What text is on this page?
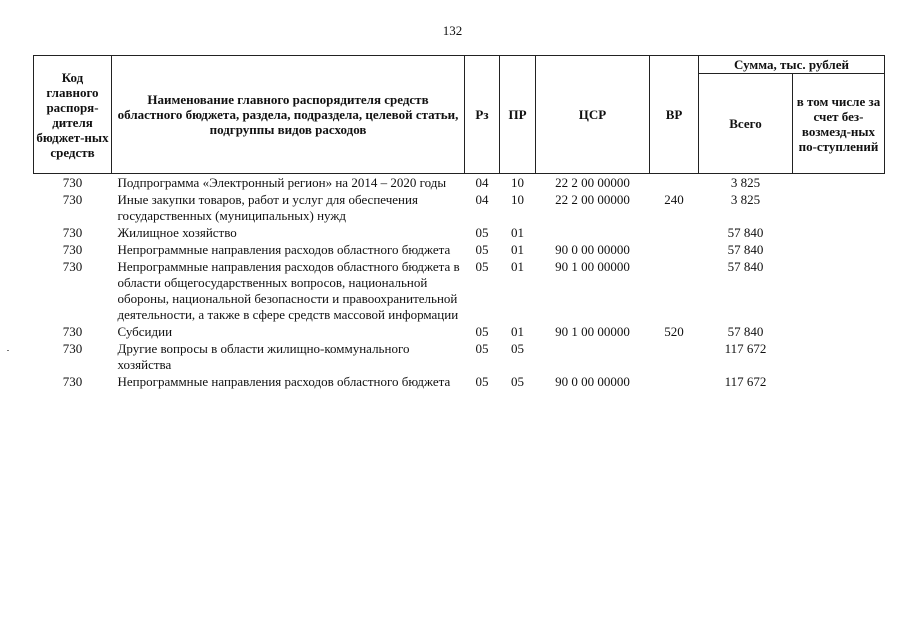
132
Код главного распоря-дителя бюджет-ных средств	Наименование главного распорядителя средств областного бюджета, раздела, подраздела, целевой статьи, подгруппы видов расходов	Рз	ПР	ЦСР	ВР	Сумма, тыс. рублей	
						Всего	в том числе за счет без-возмезд-ных по-ступлений
730	Подпрограмма «Электронный регион» на 2014 – 2020 годы	04	10	22 2 00 00000		3 825	
730	Иные закупки товаров, работ и услуг для обеспечения государственных (муниципальных) нужд	04	10	22 2 00 00000	240	3 825	
730	Жилищное хозяйство	05	01			57 840	
730	Непрограммные направления расходов областного бюджета	05	01	90 0 00 00000		57 840	
730	Непрограммные направления расходов областного бюджета в области общегосударственных вопросов, национальной обороны, национальной безопасности и правоохранительной деятельности, а также в сфере средств массовой информации	05	01	90 1 00 00000		57 840	
730	Субсидии	05	01	90 1 00 00000	520	57 840	
730	Другие вопросы в области жилищно-коммунального хозяйства	05	05			117 672	
730	Непрограммные направления расходов областного бюджета	05	05	90 0 00 00000		117 672	
